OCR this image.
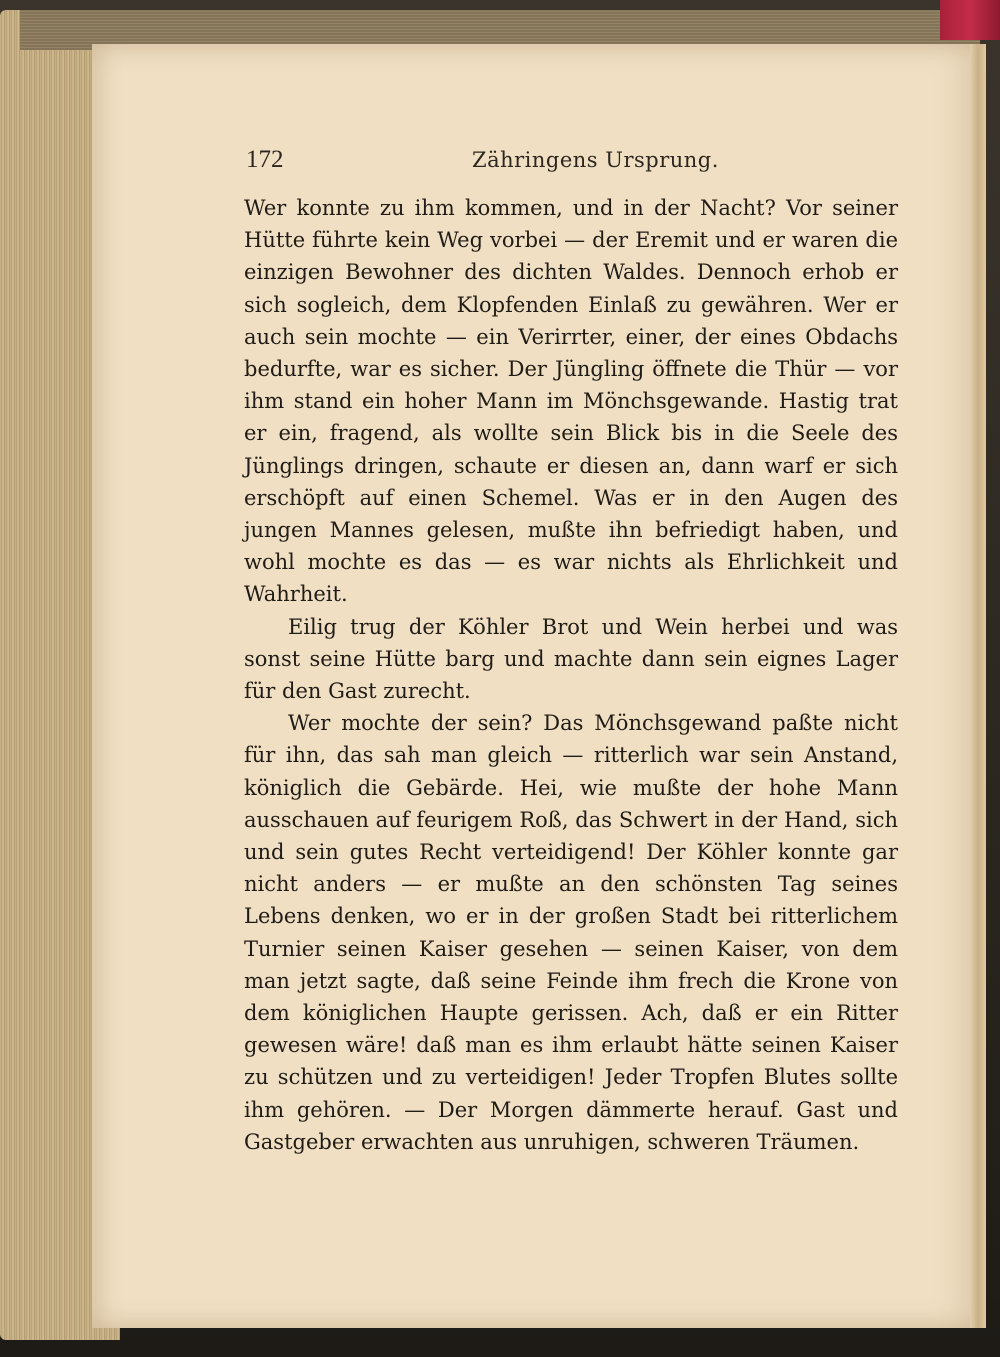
172	Zähringens Ursprung.

Wer konnte zu ihm kommen, und in der Nacht? Vor seiner Hütte führte kein Weg vorbei — der Eremit und er waren die einzigen Bewohner des dichten Waldes. Dennoch erhob er sich sogleich, dem Klopfenden Einlaß zu gewähren. Wer er auch sein mochte — ein Verirrter, einer, der eines Obdachs bedurfte, war es sicher. Der Jüngling öffnete die Thür — vor ihm stand ein hoher Mann im Mönchsgewande. Hastig trat er ein, fragend, als wollte sein Blick bis in die Seele des Jünglings dringen, schaute er diesen an, dann warf er sich erschöpft auf einen Schemel. Was er in den Augen des jungen Mannes gelesen, mußte ihn befriedigt haben, und wohl mochte es das — es war nichts als Ehrlichkeit und Wahrheit.

Eilig trug der Köhler Brot und Wein herbei und was sonst seine Hütte barg und machte dann sein eignes Lager für den Gast zurecht.

Wer mochte der sein? Das Mönchsgewand paßte nicht für ihn, das sah man gleich — ritterlich war sein Anstand, königlich die Gebärde. Hei, wie mußte der hohe Mann ausschauen auf feurigem Roß, das Schwert in der Hand, sich und sein gutes Recht verteidigend! Der Köhler konnte gar nicht anders — er mußte an den schönsten Tag seines Lebens denken, wo er in der großen Stadt bei ritterlichem Turnier seinen Kaiser gesehen — seinen Kaiser, von dem man jetzt sagte, daß seine Feinde ihm frech die Krone von dem königlichen Haupte gerissen. Ach, daß er ein Ritter gewesen wäre! daß man es ihm erlaubt hätte seinen Kaiser zu schützen und zu verteidigen! Jeder Tropfen Blutes sollte ihm gehören. — Der Morgen dämmerte herauf. Gast und Gastgeber erwachten aus unruhigen, schweren Träumen.
